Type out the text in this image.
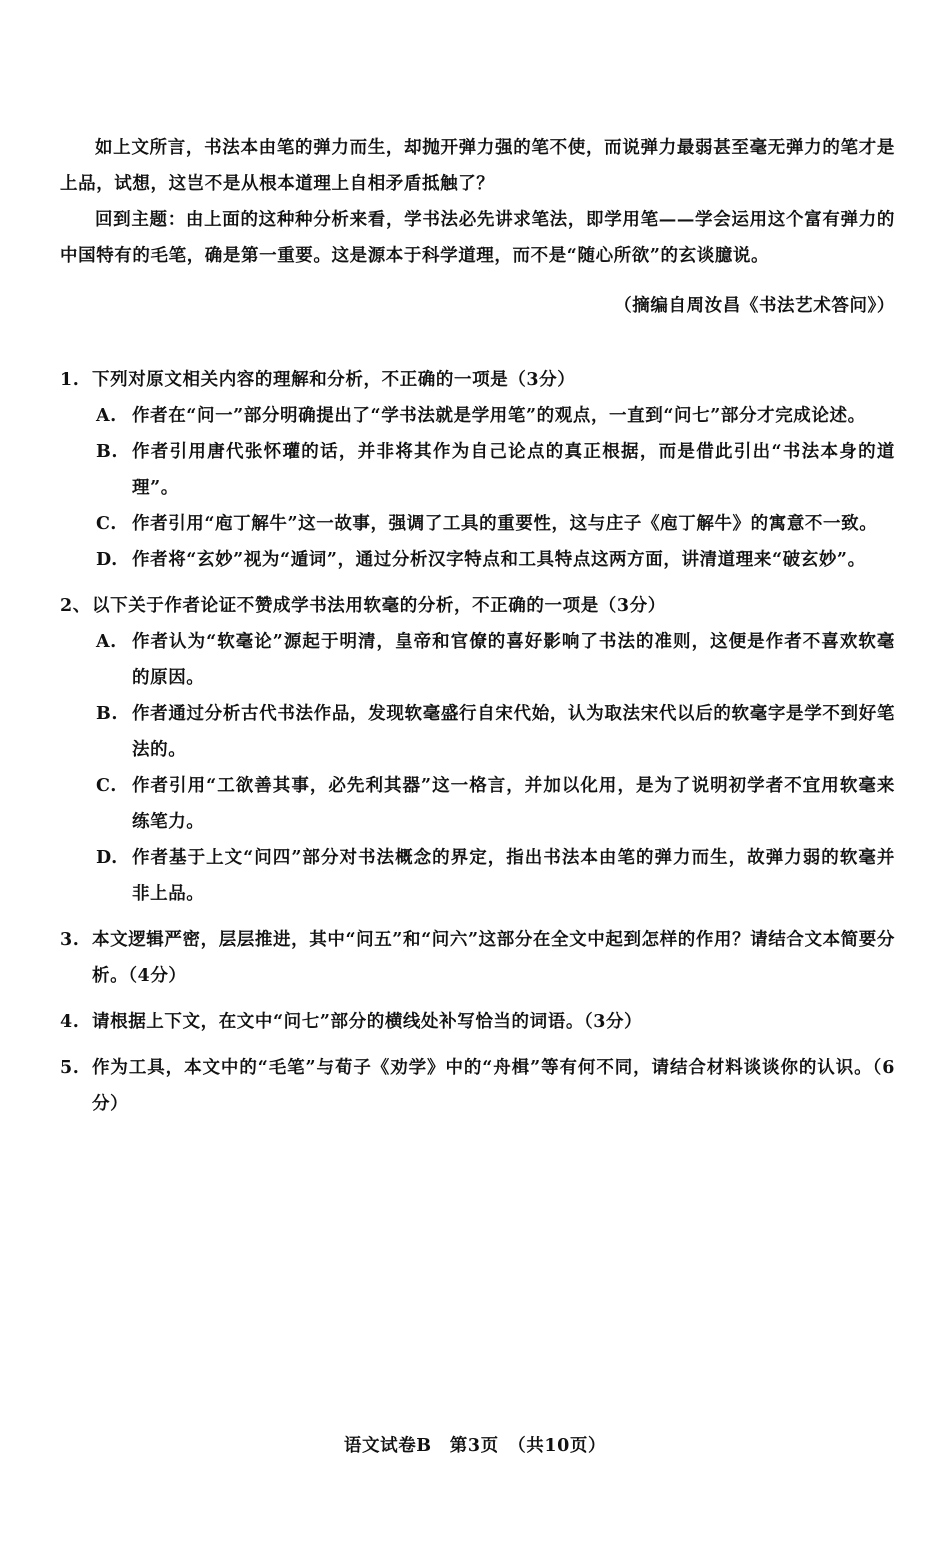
如上文所言，书法本由笔的弹力而生，却抛开弹力强的笔不使，而说弹力最弱甚至毫无弹力的笔才是上品，试想，这岂不是从根本道理上自相矛盾抵触了？

回到主题：由上面的这种种分析来看，学书法必先讲求笔法，即学用笔——学会运用这个富有弹力的中国特有的毛笔，确是第一重要。这是源本于科学道理，而不是“随心所欲”的玄谈臆说。

（摘编自周汝昌《书法艺术答问》）
1. 下列对原文相关内容的理解和分析，不正确的一项是（3分）
A. 作者在“问一”部分明确提出了“学书法就是学用笔”的观点，一直到“问七”部分才完成论述。
B. 作者引用唐代张怀瓘的话，并非将其作为自己论点的真正根据，而是借此引出“书法本身的道理”。
C. 作者引用“庖丁解牛”这一故事，强调了工具的重要性，这与庄子《庖丁解牛》的寓意不一致。
D. 作者将“玄妙”视为“遁词”，通过分析汉字特点和工具特点这两方面，讲清道理来“破玄妙”。
2、 以下关于作者论证不赞成学书法用软毫的分析，不正确的一项是（3分）
A. 作者认为“软毫论”源起于明清，皇帝和官僚的喜好影响了书法的准则，这便是作者不喜欢软毫的原因。
B. 作者通过分析古代书法作品，发现软毫盛行自宋代始，认为取法宋代以后的软毫字是学不到好笔法的。
C. 作者引用“工欲善其事，必先利其器”这一格言，并加以化用，是为了说明初学者不宜用软毫来练笔力。
D. 作者基于上文“问四”部分对书法概念的界定，指出书法本由笔的弹力而生，故弹力弱的软毫并非上品。
3. 本文逻辑严密，层层推进，其中“问五”和“问六”这部分在全文中起到怎样的作用？请结合文本简要分析。（4分）
4. 请根据上下文，在文中“问七”部分的横线处补写恰当的词语。（3分）
5. 作为工具，本文中的“毛笔”与荀子《劝学》中的“舟楫”等有何不同，请结合材料谈谈你的认识。（6分）
语文试卷B　第3页　（共10页）
